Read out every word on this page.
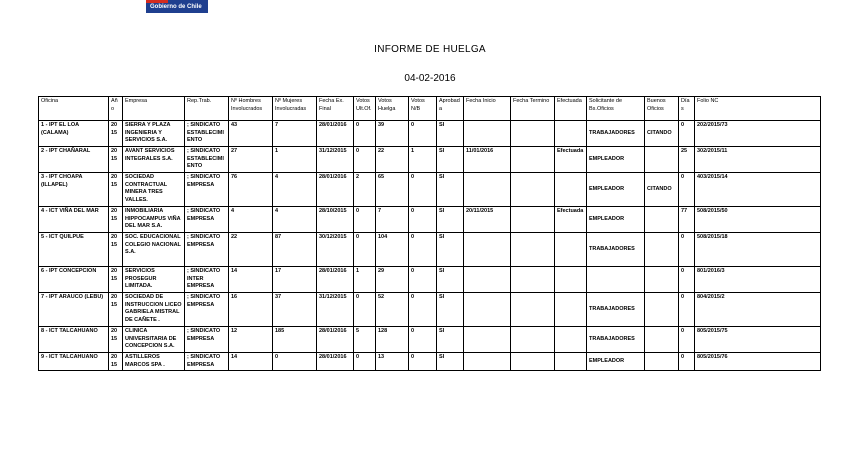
Gobierno de Chile
INFORME DE HUELGA
04-02-2016
Oficina	Año	Empresa	Rep.Trab.	Nº Hombres Involucrados	Nº Mujeres Involucradas	Fecha Ex. Final	Votos Ult.Of.	Votos Huelga	Votos N/B	Aprobada	Fecha Inicio	Fecha Termino	Efectuada	Solicitante de Bs.Oficios	Buenos Oficios	Días	Folio NC
1 - IPT EL LOA (CALAMA)	2015	SIERRA Y PLAZA INGENIERIA Y SERVICIOS S.A.	; SINDICATO ESTABLECIMIENTO	43	7	28/01/2016	0	39	0	SI				TRABAJADORES	CITANDO	0	202/2015/73
2 - IPT CHAÑARAL	2015	AVANT SERVICIOS INTEGRALES S.A.	; SINDICATO ESTABLECIMIENTO	27	1	31/12/2015	0	22	1	SI	11/01/2016		Efectuada	EMPLEADOR		25	302/2015/11
3 - IPT CHOAPA (ILLAPEL)	2015	SOCIEDAD CONTRACTUAL MINERA TRES VALLES.	; SINDICATO EMPRESA	76	4	28/01/2016	2	65	0	SI				EMPLEADOR	CITANDO	0	403/2015/14
4 - ICT VIÑA DEL MAR	2015	INMOBILIARIA HIPPOCAMPUS VIÑA DEL MAR S.A.	; SINDICATO EMPRESA	4	4	28/10/2015	0	7	0	SI	20/11/2015		Efectuada	EMPLEADOR		77	508/2015/50
5 - ICT QUILPUE	2015	SOC. EDUCACIONAL COLEGIO NACIONAL S.A.	; SINDICATO EMPRESA	22	87	30/12/2015	0	104	0	SI				TRABAJADORES		0	508/2015/18
6 - IPT CONCEPCION	2015	SERVICIOS PROSEGUR LIMITADA.	; SINDICATO INTER EMPRESA	14	17	28/01/2016	1	29	0	SI						0	801/2016/3
7 - IPT ARAUCO (LEBU)	2015	SOCIEDAD DE INSTRUCCION LICEO GABRIELA MISTRAL DE CAÑETE .	; SINDICATO EMPRESA	16	37	31/12/2015	0	52	0	SI				TRABAJADORES		0	804/2015/2
8 - ICT TALCAHUANO	2015	CLINICA UNIVERSITARIA DE CONCEPCION S.A.	; SINDICATO EMPRESA	12	185	28/01/2016	5	128	0	SI				TRABAJADORES		0	805/2015/75
9 - ICT TALCAHUANO	2015	ASTILLEROS MARCOS SPA .	; SINDICATO EMPRESA	14	0	28/01/2016	0	13	0	SI				EMPLEADOR		0	805/2015/76
